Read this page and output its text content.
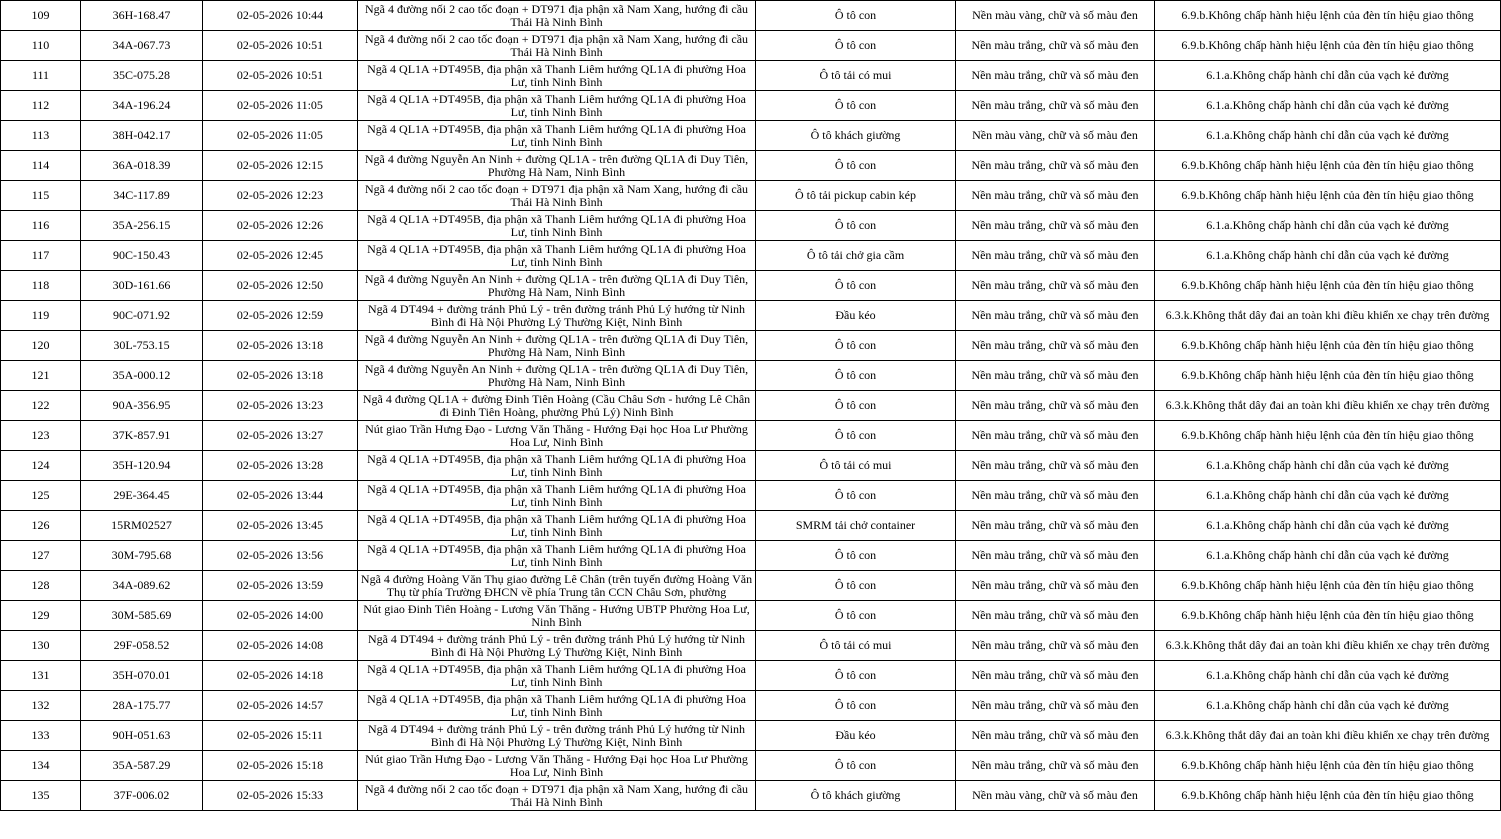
109	36H-168.47	02-05-2026 10:44	Ngã 4 đường nối 2 cao tốc đoạn + DT971 địa phận xã Nam Xang, hướng đi cầu Thái Hà Ninh Bình	Ô tô con	Nền màu vàng, chữ và số màu đen	6.9.b.Không chấp hành hiệu lệnh của đèn tín hiệu giao thông
110	34A-067.73	02-05-2026 10:51	Ngã 4 đường nối 2 cao tốc đoạn + DT971 địa phận xã Nam Xang, hướng đi cầu Thái Hà Ninh Bình	Ô tô con	Nền màu trắng, chữ và số màu đen	6.9.b.Không chấp hành hiệu lệnh của đèn tín hiệu giao thông
111	35C-075.28	02-05-2026 10:51	Ngã 4 QL1A +DT495B, địa phận xã Thanh Liêm hướng QL1A đi phường Hoa Lư, tỉnh Ninh Bình	Ô tô tải có mui	Nền màu trắng, chữ và số màu đen	6.1.a.Không chấp hành chỉ dẫn của vạch kẻ đường
112	34A-196.24	02-05-2026 11:05	Ngã 4 QL1A +DT495B, địa phận xã Thanh Liêm hướng QL1A đi phường Hoa Lư, tỉnh Ninh Bình	Ô tô con	Nền màu trắng, chữ và số màu đen	6.1.a.Không chấp hành chỉ dẫn của vạch kẻ đường
113	38H-042.17	02-05-2026 11:05	Ngã 4 QL1A +DT495B, địa phận xã Thanh Liêm hướng QL1A đi phường Hoa Lư, tỉnh Ninh Bình	Ô tô khách giường	Nền màu vàng, chữ và số màu đen	6.1.a.Không chấp hành chỉ dẫn của vạch kẻ đường
114	36A-018.39	02-05-2026 12:15	Ngã 4 đường Nguyễn An Ninh + đường QL1A - trên đường QL1A đi Duy Tiên, Phường Hà Nam, Ninh Bình	Ô tô con	Nền màu trắng, chữ và số màu đen	6.9.b.Không chấp hành hiệu lệnh của đèn tín hiệu giao thông
115	34C-117.89	02-05-2026 12:23	Ngã 4 đường nối 2 cao tốc đoạn + DT971 địa phận xã Nam Xang, hướng đi cầu Thái Hà Ninh Bình	Ô tô tải pickup cabin kép	Nền màu trắng, chữ và số màu đen	6.9.b.Không chấp hành hiệu lệnh của đèn tín hiệu giao thông
116	35A-256.15	02-05-2026 12:26	Ngã 4 QL1A +DT495B, địa phận xã Thanh Liêm hướng QL1A đi phường Hoa Lư, tỉnh Ninh Bình	Ô tô con	Nền màu trắng, chữ và số màu đen	6.1.a.Không chấp hành chỉ dẫn của vạch kẻ đường
117	90C-150.43	02-05-2026 12:45	Ngã 4 QL1A +DT495B, địa phận xã Thanh Liêm hướng QL1A đi phường Hoa Lư, tỉnh Ninh Bình	Ô tô tải chở gia cầm	Nền màu trắng, chữ và số màu đen	6.1.a.Không chấp hành chỉ dẫn của vạch kẻ đường
118	30D-161.66	02-05-2026 12:50	Ngã 4 đường Nguyễn An Ninh + đường QL1A - trên đường QL1A đi Duy Tiên, Phường Hà Nam, Ninh Bình	Ô tô con	Nền màu trắng, chữ và số màu đen	6.9.b.Không chấp hành hiệu lệnh của đèn tín hiệu giao thông
119	90C-071.92	02-05-2026 12:59	Ngã 4 DT494 + đường tránh Phủ Lý - trên đường tránh Phủ Lý hướng từ Ninh Bình đi Hà Nội Phường Lý Thường Kiệt, Ninh Bình	Đầu kéo	Nền màu trắng, chữ và số màu đen	6.3.k.Không thắt dây đai an toàn khi điều khiển xe chạy trên đường
120	30L-753.15	02-05-2026 13:18	Ngã 4 đường Nguyễn An Ninh + đường QL1A - trên đường QL1A đi Duy Tiên, Phường Hà Nam, Ninh Bình	Ô tô con	Nền màu trắng, chữ và số màu đen	6.9.b.Không chấp hành hiệu lệnh của đèn tín hiệu giao thông
121	35A-000.12	02-05-2026 13:18	Ngã 4 đường Nguyễn An Ninh + đường QL1A - trên đường QL1A đi Duy Tiên, Phường Hà Nam, Ninh Bình	Ô tô con	Nền màu trắng, chữ và số màu đen	6.9.b.Không chấp hành hiệu lệnh của đèn tín hiệu giao thông
122	90A-356.95	02-05-2026 13:23	Ngã 4 đường QL1A + đường Đinh Tiên Hoàng (Cầu Châu Sơn - hướng Lê Chân đi Đinh Tiên Hoàng, phường Phủ Lý) Ninh Bình	Ô tô con	Nền màu trắng, chữ và số màu đen	6.3.k.Không thắt dây đai an toàn khi điều khiển xe chạy trên đường
123	37K-857.91	02-05-2026 13:27	Nút giao Trần Hưng Đạo - Lương Văn Thăng - Hướng Đại học Hoa Lư Phường Hoa Lư, Ninh Bình	Ô tô con	Nền màu trắng, chữ và số màu đen	6.9.b.Không chấp hành hiệu lệnh của đèn tín hiệu giao thông
124	35H-120.94	02-05-2026 13:28	Ngã 4 QL1A +DT495B, địa phận xã Thanh Liêm hướng QL1A đi phường Hoa Lư, tỉnh Ninh Bình	Ô tô tải có mui	Nền màu trắng, chữ và số màu đen	6.1.a.Không chấp hành chỉ dẫn của vạch kẻ đường
125	29E-364.45	02-05-2026 13:44	Ngã 4 QL1A +DT495B, địa phận xã Thanh Liêm hướng QL1A đi phường Hoa Lư, tỉnh Ninh Bình	Ô tô con	Nền màu trắng, chữ và số màu đen	6.1.a.Không chấp hành chỉ dẫn của vạch kẻ đường
126	15RM02527	02-05-2026 13:45	Ngã 4 QL1A +DT495B, địa phận xã Thanh Liêm hướng QL1A đi phường Hoa Lư, tỉnh Ninh Bình	SMRM tải chở container	Nền màu trắng, chữ và số màu đen	6.1.a.Không chấp hành chỉ dẫn của vạch kẻ đường
127	30M-795.68	02-05-2026 13:56	Ngã 4 QL1A +DT495B, địa phận xã Thanh Liêm hướng QL1A đi phường Hoa Lư, tỉnh Ninh Bình	Ô tô con	Nền màu trắng, chữ và số màu đen	6.1.a.Không chấp hành chỉ dẫn của vạch kẻ đường
128	34A-089.62	02-05-2026 13:59	Ngã 4 đường Hoàng Văn Thụ giao đường Lê Chân (trên tuyến đường Hoàng Văn Thụ từ phía Trường ĐHCN về phía Trung tân CCN Châu Sơn, phường	Ô tô con	Nền màu trắng, chữ và số màu đen	6.9.b.Không chấp hành hiệu lệnh của đèn tín hiệu giao thông
129	30M-585.69	02-05-2026 14:00	Nút giao Đinh Tiên Hoàng - Lương Văn Thăng - Hướng UBTP Phường Hoa Lư, Ninh Bình	Ô tô con	Nền màu trắng, chữ và số màu đen	6.9.b.Không chấp hành hiệu lệnh của đèn tín hiệu giao thông
130	29F-058.52	02-05-2026 14:08	Ngã 4 DT494 + đường tránh Phủ Lý - trên đường tránh Phủ Lý hướng từ Ninh Bình đi Hà Nội Phường Lý Thường Kiệt, Ninh Bình	Ô tô tải có mui	Nền màu trắng, chữ và số màu đen	6.3.k.Không thắt dây đai an toàn khi điều khiển xe chạy trên đường
131	35H-070.01	02-05-2026 14:18	Ngã 4 QL1A +DT495B, địa phận xã Thanh Liêm hướng QL1A đi phường Hoa Lư, tỉnh Ninh Bình	Ô tô con	Nền màu trắng, chữ và số màu đen	6.1.a.Không chấp hành chỉ dẫn của vạch kẻ đường
132	28A-175.77	02-05-2026 14:57	Ngã 4 QL1A +DT495B, địa phận xã Thanh Liêm hướng QL1A đi phường Hoa Lư, tỉnh Ninh Bình	Ô tô con	Nền màu trắng, chữ và số màu đen	6.1.a.Không chấp hành chỉ dẫn của vạch kẻ đường
133	90H-051.63	02-05-2026 15:11	Ngã 4 DT494 + đường tránh Phủ Lý - trên đường tránh Phủ Lý hướng từ Ninh Bình đi Hà Nội Phường Lý Thường Kiệt, Ninh Bình	Đầu kéo	Nền màu trắng, chữ và số màu đen	6.3.k.Không thắt dây đai an toàn khi điều khiển xe chạy trên đường
134	35A-587.29	02-05-2026 15:18	Nút giao Trần Hưng Đạo - Lương Văn Thăng - Hướng Đại học Hoa Lư Phường Hoa Lư, Ninh Bình	Ô tô con	Nền màu trắng, chữ và số màu đen	6.9.b.Không chấp hành hiệu lệnh của đèn tín hiệu giao thông
135	37F-006.02	02-05-2026 15:33	Ngã 4 đường nối 2 cao tốc đoạn + DT971 địa phận xã Nam Xang, hướng đi cầu Thái Hà Ninh Bình	Ô tô khách giường	Nền màu vàng, chữ và số màu đen	6.9.b.Không chấp hành hiệu lệnh của đèn tín hiệu giao thông
